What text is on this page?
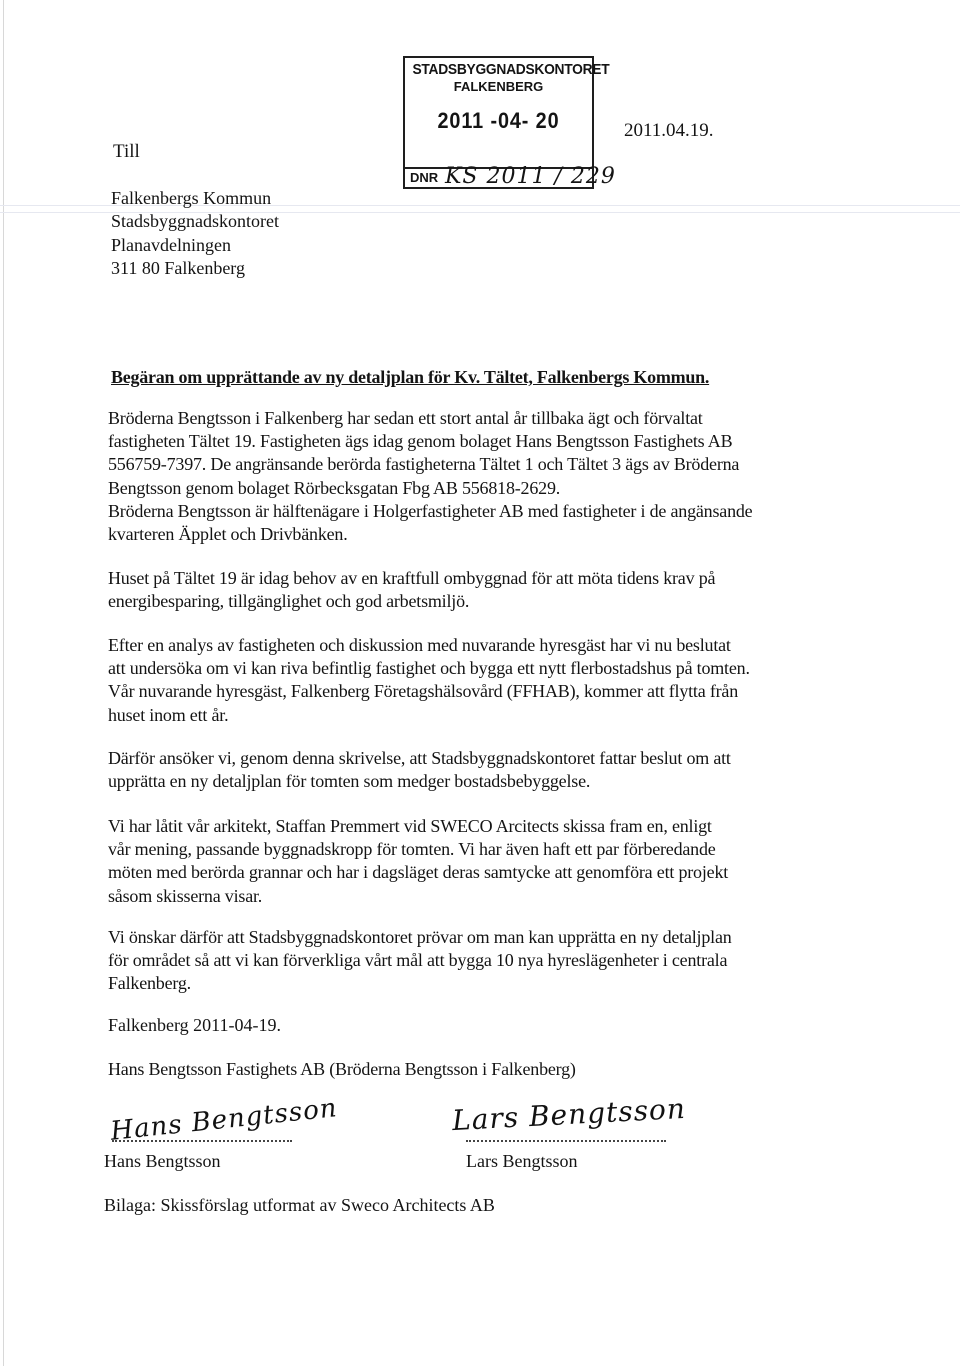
Till
Falkenbergs Kommun
Stadsbyggnadskontoret
Planavdelningen
311 80 Falkenberg
STADSBYGGNADSKONTORET
FALKENBERG
2011 -04- 20
DNR KS 2011 / 229
2011.04.19.
Begäran om upprättande av ny detaljplan för Kv. Tältet, Falkenbergs Kommun.
Bröderna Bengtsson i Falkenberg har sedan ett stort antal år tillbaka ägt och förvaltat
fastigheten Tältet 19. Fastigheten ägs idag genom bolaget Hans Bengtsson Fastighets AB
556759-7397. De angränsande berörda fastigheterna Tältet 1 och Tältet 3 ägs av Bröderna
Bengtsson genom bolaget Rörbecksgatan Fbg AB 556818-2629.
Bröderna Bengtsson är hälftenägare i Holgerfastigheter AB med fastigheter i de angänsande
kvarteren Äpplet och Drivbänken.
Huset på Tältet 19 är idag behov av en kraftfull ombyggnad för att möta tidens krav på
energibesparing, tillgänglighet och god arbetsmiljö.
Efter en analys av fastigheten och diskussion med nuvarande hyresgäst har vi nu beslutat
att undersöka om vi kan riva befintlig fastighet och bygga ett nytt flerbostadshus på tomten.
Vår nuvarande hyresgäst, Falkenberg Företagshälsovård (FFHAB), kommer att flytta från
huset inom ett år.
Därför ansöker vi, genom denna skrivelse, att Stadsbyggnadskontoret fattar beslut om att
upprätta en ny detaljplan för tomten som medger bostadsbebyggelse.
Vi har låtit vår arkitekt, Staffan Premmert vid SWECO Arcitects skissa fram en, enligt
vår mening, passande byggnadskropp för tomten. Vi har även haft ett par förberedande
möten med berörda grannar och har i dagsläget deras samtycke att genomföra ett projekt
såsom skisserna visar.
Vi önskar därför att Stadsbyggnadskontoret prövar om man kan upprätta en ny detaljplan
för området så att vi kan förverkliga vårt mål att bygga 10 nya hyreslägenheter i centrala
Falkenberg.
Falkenberg 2011-04-19.
Hans Bengtsson Fastighets AB (Bröderna Bengtsson i Falkenberg)
Hans Bengtsson	Lars Bengtsson
Hans Bengtsson	Lars Bengtsson
Bilaga: Skissförslag utformat av Sweco Architects AB
